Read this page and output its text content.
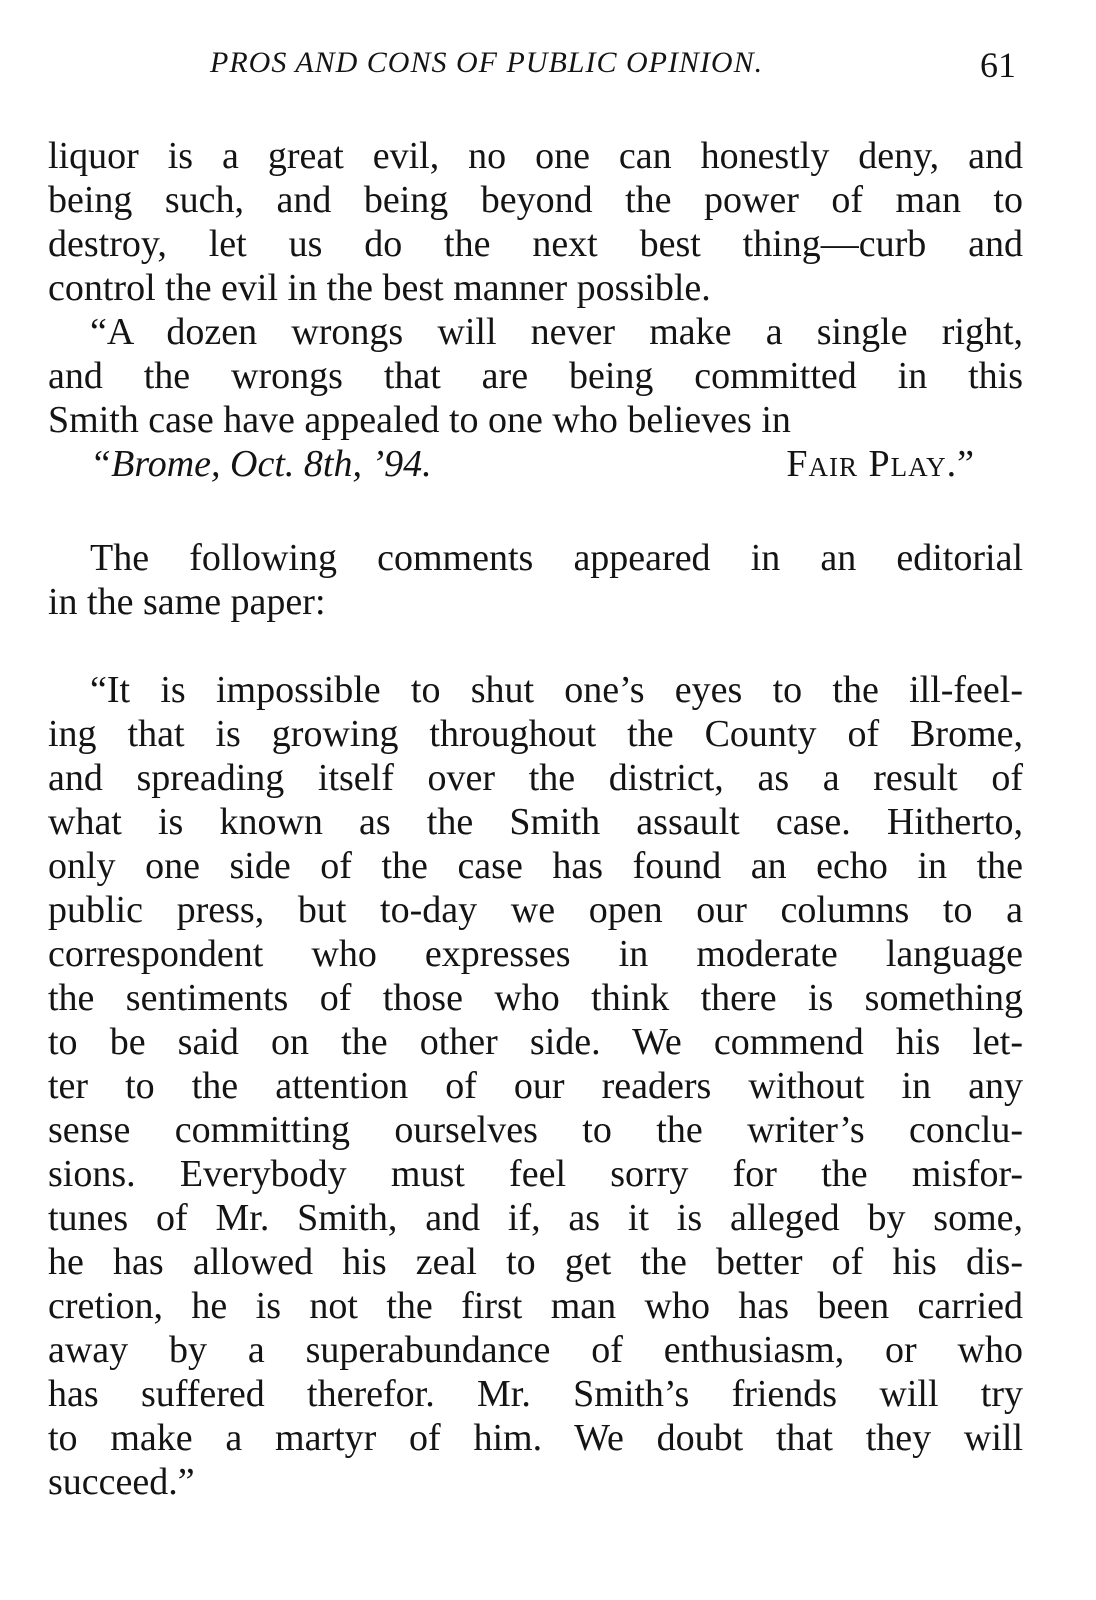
PROS AND CONS OF PUBLIC OPINION.	61
liquor is a great evil, no one can honestly deny, and
being such, and being beyond the power of man to
destroy, let us do the next best thing—curb and
control the evil in the best manner possible.
“A dozen wrongs will never make a single right,
and the wrongs that are being committed in this
Smith case have appealed to one who believes in
“Brome, Oct. 8th, ’94.	Fair Play.”
The following comments appeared in an editorial
in the same paper:
“It is impossible to shut one’s eyes to the ill-feel-
ing that is growing throughout the County of Brome,
and spreading itself over the district, as a result of
what is known as the Smith assault case. Hitherto,
only one side of the case has found an echo in the
public press, but to-day we open our columns to a
correspondent who expresses in moderate language
the sentiments of those who think there is something
to be said on the other side. We commend his let-
ter to the attention of our readers without in any
sense committing ourselves to the writer’s conclu-
sions. Everybody must feel sorry for the misfor-
tunes of Mr. Smith, and if, as it is alleged by some,
he has allowed his zeal to get the better of his dis-
cretion, he is not the first man who has been carried
away by a superabundance of enthusiasm, or who
has suffered therefor. Mr. Smith’s friends will try
to make a martyr of him. We doubt that they will
succeed.”
